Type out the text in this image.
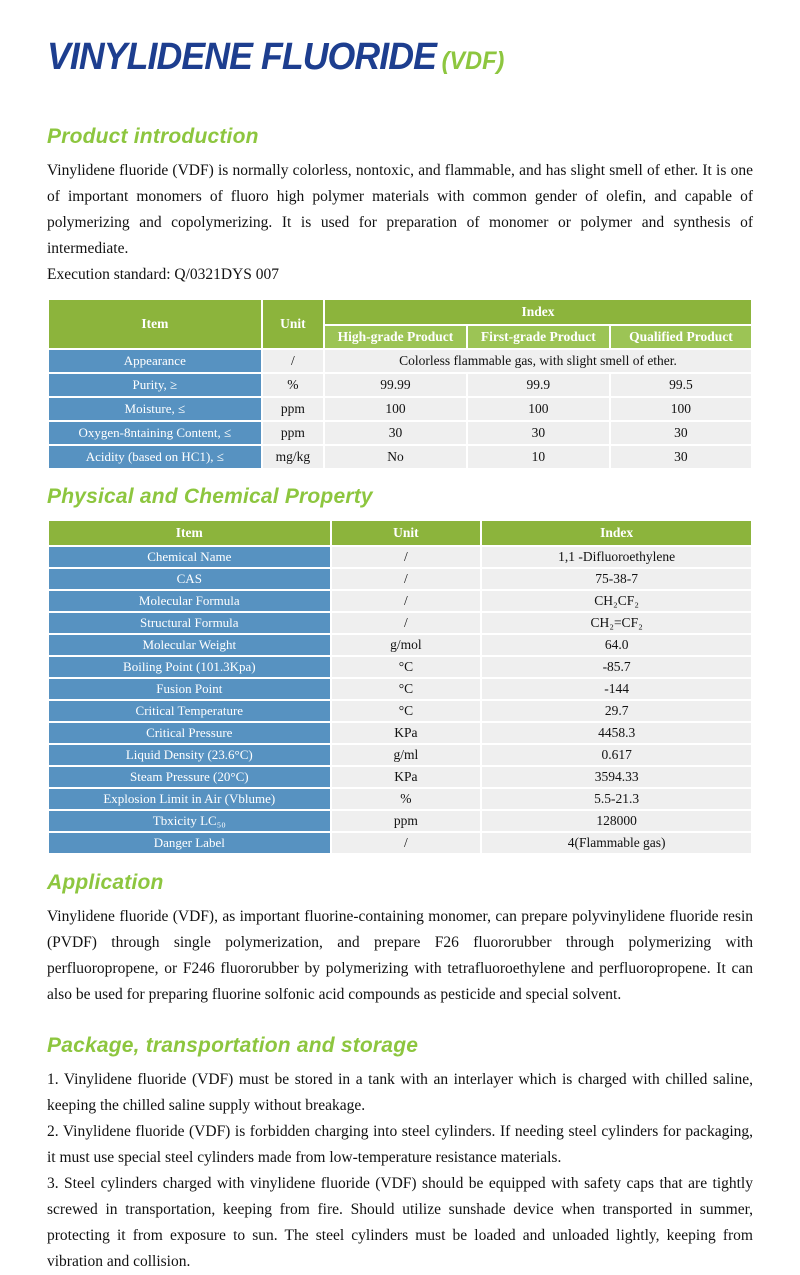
VINYLIDENE FLUORIDE (VDF)
Product introduction

Vinylidene fluoride (VDF) is normally colorless, nontoxic, and flammable, and has slight smell of ether. It is one of important monomers of fluoro high polymer materials with common gender of olefin, and capable of polymerizing and copolymerizing. It is used for preparation of monomer or polymer and synthesis of intermediate.

Execution standard: Q/0321DYS 007
Item	Unit	Index		
		High-grade Product	First-grade Product	Qualified Product
Appearance	/	Colorless flammable gas, with slight smell of ether.		
Purity, ≥	%	99.99	99.9	99.5
Moisture, ≤	ppm	100	100	100
Oxygen-8ntaining Content, ≤	ppm	30	30	30
Acidity (based on HC1), ≤	mg/kg	No	10	30
Physical and Chemical Property
Item	Unit	Index
Chemical Name	/	1,1 -Difluoroethylene
CAS	/	75-38-7
Molecular Formula	/	CH₂CF₂
Structural Formula	/	CH₂=CF₂
Molecular Weight	g/mol	64.0
Boiling Point (101.3Kpa)	°C	-85.7
Fusion Point	°C	-144
Critical Temperature	°C	29.7
Critical Pressure	KPa	4458.3
Liquid Density (23.6°C)	g/ml	0.617
Steam Pressure (20°C)	KPa	3594.33
Explosion Limit in Air (Vblume)	%	5.5-21.3
Tbxicity LC₅₀	ppm	128000
Danger Label	/	4(Flammable gas)
Application

Vinylidene fluoride (VDF), as important fluorine-containing monomer, can prepare polyvinylidene fluoride resin (PVDF) through single polymerization, and prepare F26 fluororubber through polymerizing with perfluoropropene, or F246 fluororubber by polymerizing with tetrafluoroethylene and perfluoropropene. It can also be used for preparing fluorine solfonic acid compounds as pesticide and special solvent.

Package, transportation and storage

1. Vinylidene fluoride (VDF) must be stored in a tank with an interlayer which is charged with chilled saline, keeping the chilled saline supply without breakage.

2. Vinylidene fluoride (VDF) is forbidden charging into steel cylinders. If needing steel cylinders for packaging, it must use special steel cylinders made from low-temperature resistance materials.

3. Steel cylinders charged with vinylidene fluoride (VDF) should be equipped with safety caps that are tightly screwed in transportation, keeping from fire. Should utilize sunshade device when transported in summer, protecting it from exposure to sun. The steel cylinders must be loaded and unloaded lightly, keeping from vibration and collision.
